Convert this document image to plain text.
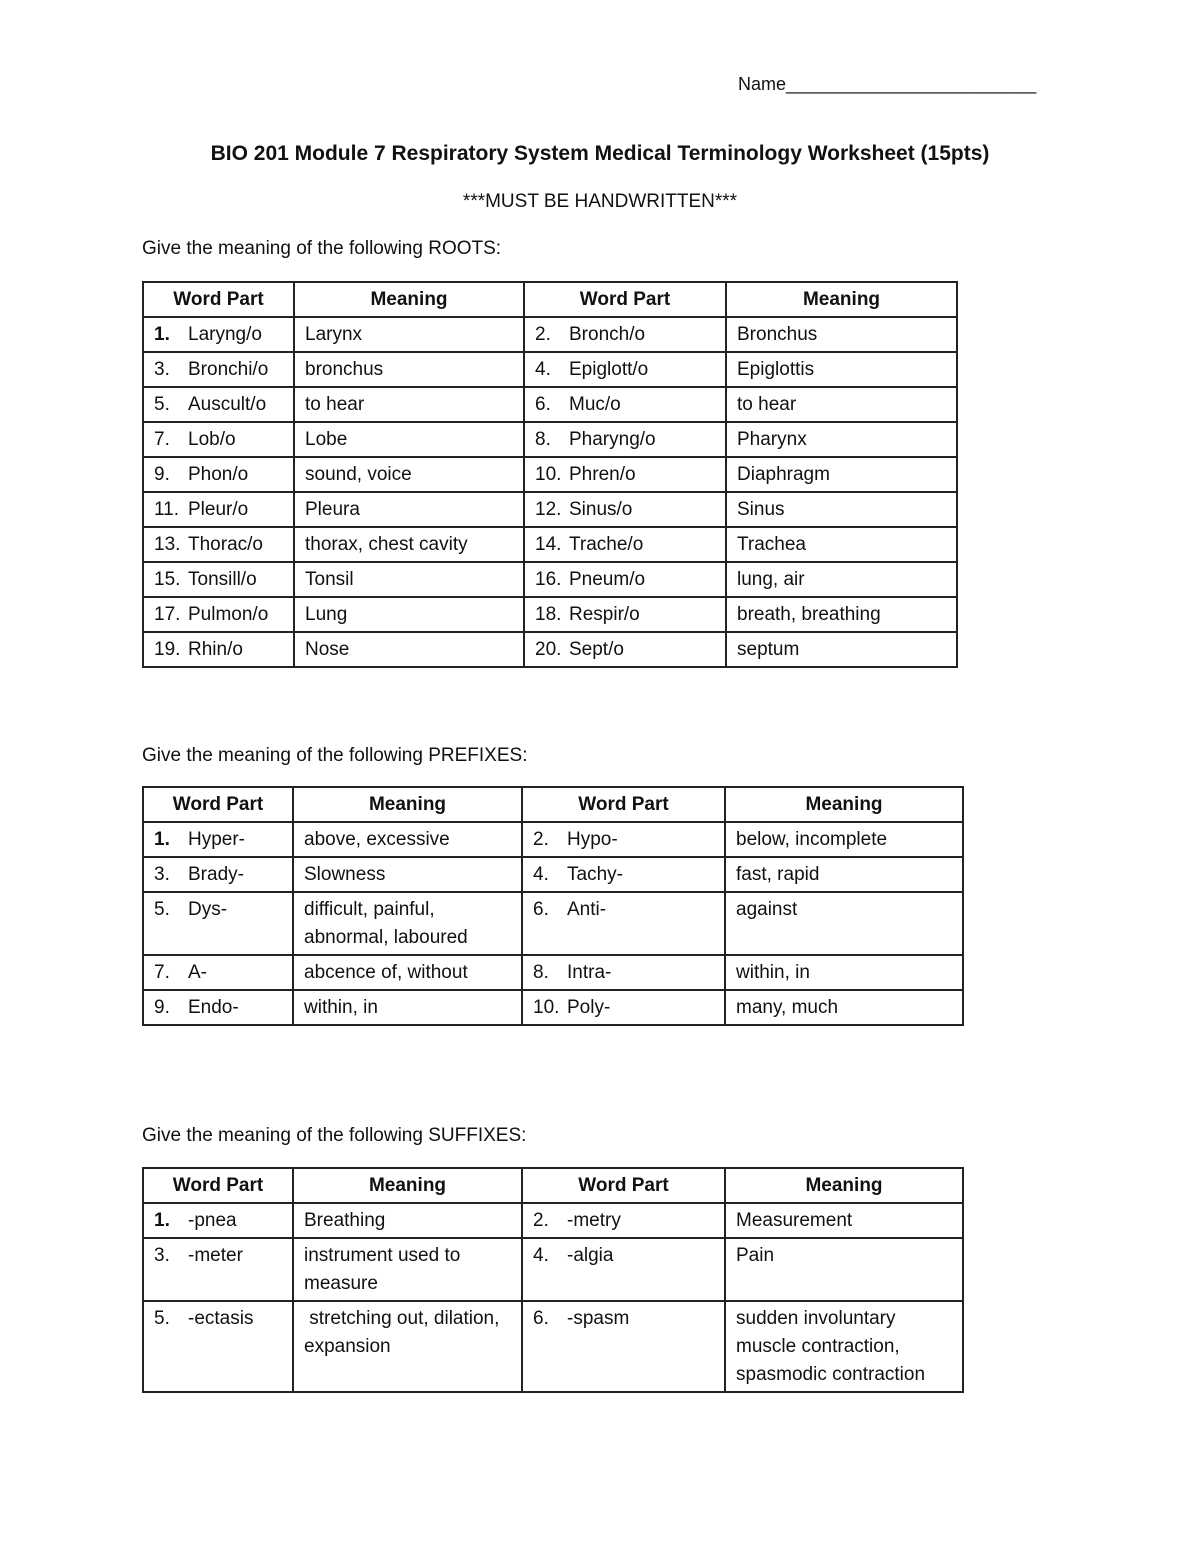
Name_________________________
BIO 201 Module 7 Respiratory System Medical Terminology Worksheet (15pts)
***MUST BE HANDWRITTEN***
Give the meaning of the following ROOTS:
Word Part	Meaning	Word Part	Meaning
1. Laryng/o	Larynx	2. Bronch/o	Bronchus
3. Bronchi/o	bronchus	4. Epiglott/o	Epiglottis
5. Auscult/o	to hear	6. Muc/o	to hear
7. Lob/o	Lobe	8. Pharyng/o	Pharynx
9. Phon/o	sound, voice	10. Phren/o	Diaphragm
11. Pleur/o	Pleura	12. Sinus/o	Sinus
13. Thorac/o	thorax, chest cavity	14. Trache/o	Trachea
15. Tonsill/o	Tonsil	16. Pneum/o	lung, air
17. Pulmon/o	Lung	18. Respir/o	breath, breathing
19. Rhin/o	Nose	20. Sept/o	septum
Give the meaning of the following PREFIXES:
Word Part	Meaning	Word Part	Meaning
1. Hyper-	above, excessive	2. Hypo-	below, incomplete
3. Brady-	Slowness	4. Tachy-	fast, rapid
5. Dys-	difficult, painful, abnormal, laboured	6. Anti-	against
7. A-	abcence of, without	8. Intra-	within, in
9. Endo-	within, in	10. Poly-	many, much
Give the meaning of the following SUFFIXES:
Word Part	Meaning	Word Part	Meaning
1. -pnea	Breathing	2. -metry	Measurement
3. -meter	instrument used to measure	4. -algia	Pain
5. -ectasis	stretching out, dilation, expansion	6. -spasm	sudden involuntary muscle contraction, spasmodic contraction
